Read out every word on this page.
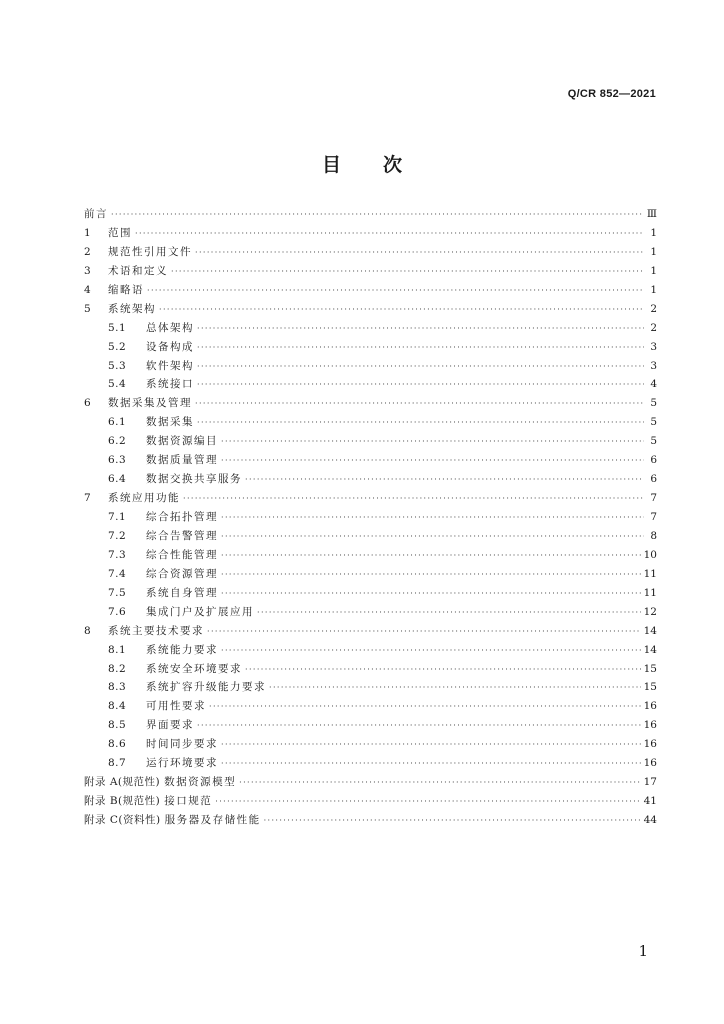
Q/CR 852—2021
目 次
前言 ·····	Ⅲ
1	范围 ·····	1
2	规范性引用文件 ·····	1
3	术语和定义 ·····	1
4	缩略语 ·····	1
5	系统架构 ·····	2
5.1	总体架构 ·····	2
5.2	设备构成 ·····	3
5.3	软件架构 ·····	3
5.4	系统接口 ·····	4
6	数据采集及管理 ·····	5
6.1	数据采集 ·····	5
6.2	数据资源编目 ·····	5
6.3	数据质量管理 ·····	6
6.4	数据交换共享服务 ·····	6
7	系统应用功能 ·····	7
7.1	综合拓扑管理 ·····	7
7.2	综合告警管理 ·····	8
7.3	综合性能管理 ·····	10
7.4	综合资源管理 ·····	11
7.5	系统自身管理 ·····	11
7.6	集成门户及扩展应用 ·····	12
8	系统主要技术要求 ·····	14
8.1	系统能力要求 ·····	14
8.2	系统安全环境要求 ·····	15
8.3	系统扩容升级能力要求 ·····	15
8.4	可用性要求 ·····	16
8.5	界面要求 ·····	16
8.6	时间同步要求 ·····	16
8.7	运行环境要求 ·····	16
附录 A(规范性) 数据资源模型 ·····	17
附录 B(规范性) 接口规范 ·····	41
附录 C(资料性) 服务器及存储性能 ·····	44
1
